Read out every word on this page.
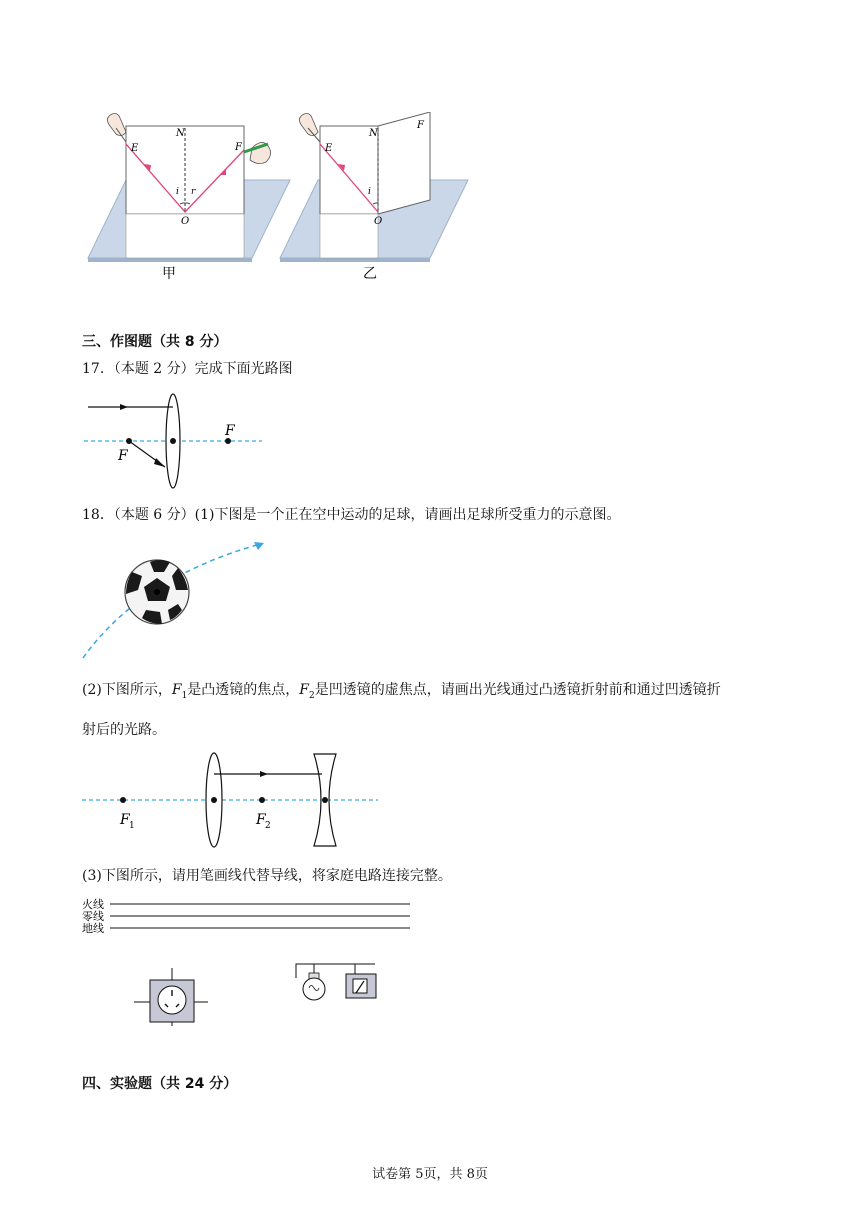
E
N
F
O
i r
甲
E
N
F
O
i
乙
三、作图题（共 8 分）
17．（本题 2 分）完成下面光路图
F
F
18．（本题 6 分）(1)下图是一个正在空中运动的足球，请画出足球所受重力的示意图。
(2)下图所示，$F_1$是凸透镜的焦点，$F_2$是凹透镜的虚焦点，请画出光线通过凸透镜折射前和通过凹透镜折
射后的光路。
F 1	F 2
(3)下图所示，请用笔画线代替导线，将家庭电路连接完整。
火线
零线
地线
四、实验题（共 24 分）
试卷第 5页，共 8页
